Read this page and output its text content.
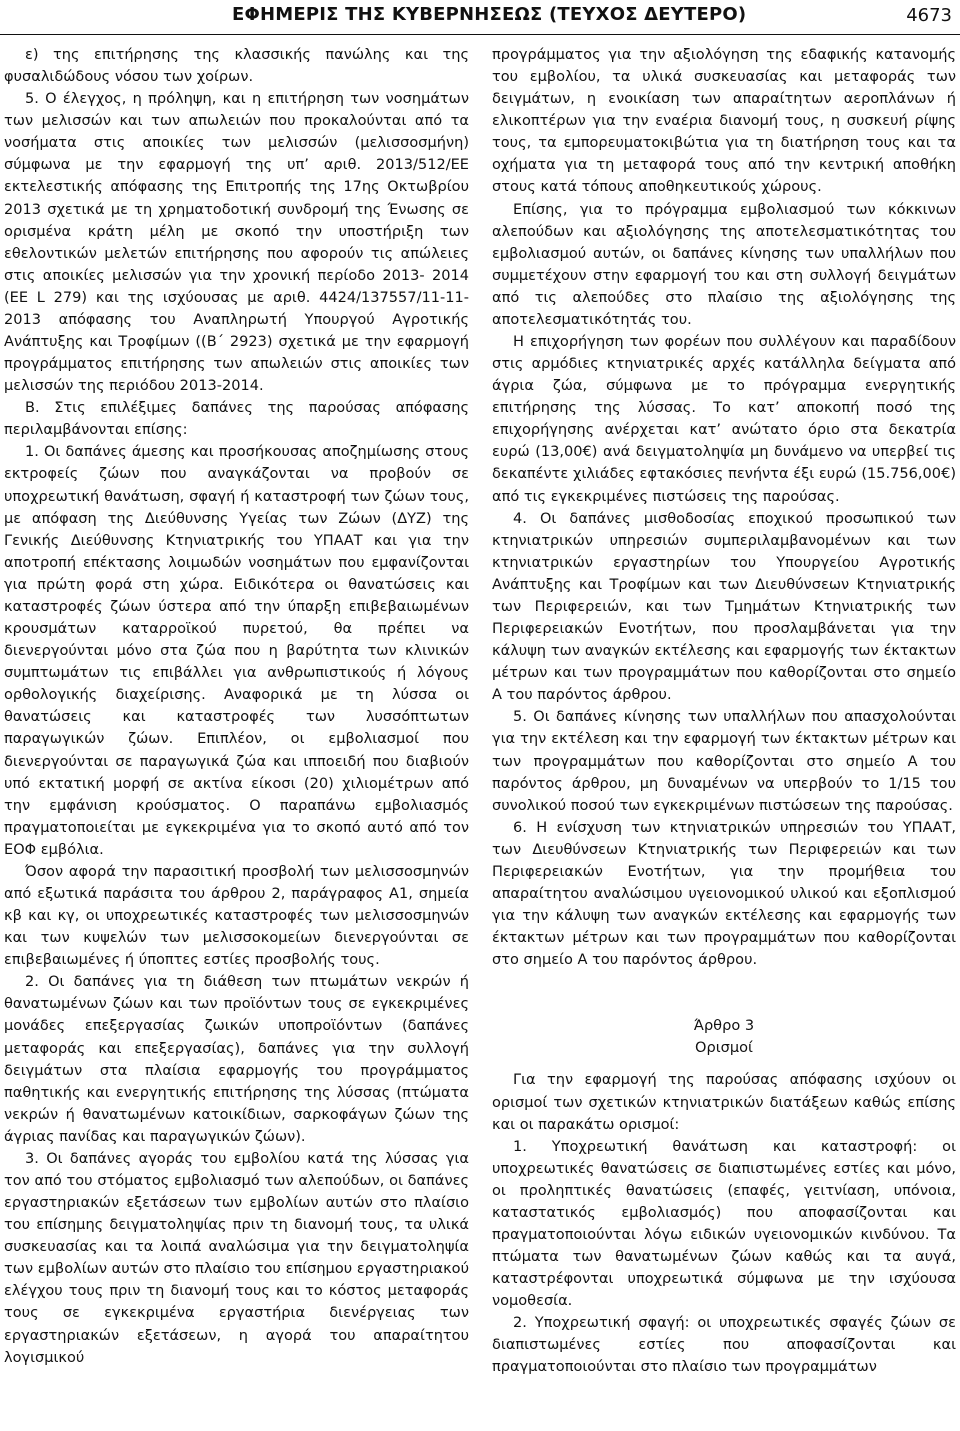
ΕΦΗΜΕΡΙΣ ΤΗΣ ΚΥΒΕΡΝΗΣΕΩΣ (ΤΕΥΧΟΣ ΔΕΥΤΕΡΟ)	4673

ε) της επιτήρησης της κλασσικής πανώλης και της φυσαλιδώδους νόσου των χοίρων.

5. Ο έλεγχος, η πρόληψη, και η επιτήρηση των νοσημάτων των μελισσών και των απωλειών που προκαλούνται από τα νοσήματα στις αποικίες των μελισσών (μελισσοσμήνη) σύμφωνα με την εφαρμογή της υπ’ αριθ. 2013/512/ΕΕ εκτελεστικής απόφασης της Επιτροπής της 17ης Οκτωβρίου 2013 σχετικά με τη χρηματοδοτική συνδρομή της Ένωσης σε ορισμένα κράτη μέλη με σκοπό την υποστήριξη των εθελοντικών μελετών επιτήρησης που αφορούν τις απώλειες στις αποικίες μελισσών για την χρονική περίοδο 2013- 2014 (ΕΕ L 279) και της ισχύουσας με αριθ. 4424/137557/11-11-2013 απόφασης του Αναπληρωτή Υπουργού Αγροτικής Ανάπτυξης και Τροφίμων ((Β΄ 2923) σχετικά με την εφαρμογή προγράμματος επιτήρησης των απωλειών στις αποικίες των μελισσών της περιόδου 2013-2014.

Β. Στις επιλέξιμες δαπάνες της παρούσας απόφασης περιλαμβάνονται επίσης:

1. Οι δαπάνες άμεσης και προσήκουσας αποζημίωσης στους εκτροφείς ζώων που αναγκάζονται να προβούν σε υποχρεωτική θανάτωση, σφαγή ή καταστροφή των ζώων τους, με απόφαση της Διεύθυνσης Υγείας των Ζώων (ΔΥΖ) της Γενικής Διεύθυνσης Κτηνιατρικής του ΥΠΑΑΤ και για την αποτροπή επέκτασης λοιμωδών νοσημάτων που εμφανίζονται για πρώτη φορά στη χώρα. Ειδικότερα οι θανατώσεις και καταστροφές ζώων ύστερα από την ύπαρξη επιβεβαιωμένων κρουσμάτων καταρροϊκού πυρετού, θα πρέπει να διενεργούνται μόνο στα ζώα που η βαρύτητα των κλινικών συμπτωμάτων τις επιβάλλει για ανθρωπιστικούς ή λόγους ορθολογικής διαχείρισης. Αναφορικά με τη λύσσα οι θανατώσεις και καταστροφές των λυσσόπτωτων παραγωγικών ζώων. Επιπλέον, οι εμβολιασμοί που διενεργούνται σε παραγωγικά ζώα και ιπποειδή που διαβιούν υπό εκτατική μορφή σε ακτίνα είκοσι (20) χιλιομέτρων από την εμφάνιση κρούσματος. Ο παραπάνω εμβολιασμός πραγματοποιείται με εγκεκριμένα για το σκοπό αυτό από τον ΕΟΦ εμβόλια.

Όσον αφορά την παρασιτική προσβολή των μελισσοσμηνών από εξωτικά παράσιτα του άρθρου 2, παράγραφος Α1, σημεία κβ και κγ, οι υποχρεωτικές καταστροφές των μελισσοσμηνών και των κυψελών των μελισσοκομείων διενεργούνται σε επιβεβαιωμένες ή ύποπτες εστίες προσβολής τους.

2. Οι δαπάνες για τη διάθεση των πτωμάτων νεκρών ή θανατωμένων ζώων και των προϊόντων τους σε εγκεκριμένες μονάδες επεξεργασίας ζωικών υποπροϊόντων (δαπάνες μεταφοράς και επεξεργασίας), δαπάνες για την συλλογή δειγμάτων στα πλαίσια εφαρμογής του προγράμματος παθητικής και ενεργητικής επιτήρησης της λύσσας (πτώματα νεκρών ή θανατωμένων κατοικίδιων, σαρκοφάγων ζώων της άγριας πανίδας και παραγωγικών ζώων).

3. Οι δαπάνες αγοράς του εμβολίου κατά της λύσσας για τον από του στόματος εμβολιασμό των αλεπούδων, οι δαπάνες εργαστηριακών εξετάσεων των εμβολίων αυτών στο πλαίσιο του επίσημης δειγματοληψίας πριν τη διανομή τους, τα υλικά συσκευασίας και τα λοιπά αναλώσιμα για την δειγματοληψία των εμβολίων αυτών στο πλαίσιο του επίσημου εργαστηριακού ελέγχου τους πριν τη διανομή τους και το κόστος μεταφοράς τους σε εγκεκριμένα εργαστήρια διενέργειας των εργαστηριακών εξετάσεων, η αγορά του απαραίτητου λογισμικού

προγράμματος για την αξιολόγηση της εδαφικής κατανομής του εμβολίου, τα υλικά συσκευασίας και μεταφοράς των δειγμάτων, η ενοικίαση των απαραίτητων αεροπλάνων ή ελικοπτέρων για την εναέρια διανομή τους, η συσκευή ρίψης τους, τα εμπορευματοκιβώτια για τη διατήρηση τους και τα οχήματα για τη μεταφορά τους από την κεντρική αποθήκη στους κατά τόπους αποθηκευτικούς χώρους.

Επίσης, για το πρόγραμμα εμβολιασμού των κόκκινων αλεπούδων και αξιολόγησης της αποτελεσματικότητας του εμβολιασμού αυτών, οι δαπάνες κίνησης των υπαλλήλων που συμμετέχουν στην εφαρμογή του και στη συλλογή δειγμάτων από τις αλεπούδες στο πλαίσιο της αξιολόγησης της αποτελεσματικότητάς του.

Η επιχορήγηση των φορέων που συλλέγουν και παραδίδουν στις αρμόδιες κτηνιατρικές αρχές κατάλληλα δείγματα από άγρια ζώα, σύμφωνα με το πρόγραμμα ενεργητικής επιτήρησης της λύσσας. Το κατ’ αποκοπή ποσό της επιχορήγησης ανέρχεται κατ’ ανώτατο όριο στα δεκατρία ευρώ (13,00€) ανά δειγματοληψία μη δυνάμενο να υπερβεί τις δεκαπέντε χιλιάδες εφτακόσιες πενήντα έξι ευρώ (15.756,00€) από τις εγκεκριμένες πιστώσεις της παρούσας.

4. Οι δαπάνες μισθοδοσίας εποχικού προσωπικού των κτηνιατρικών υπηρεσιών συμπεριλαμβανομένων και των κτηνιατρικών εργαστηρίων του Υπουργείου Αγροτικής Ανάπτυξης και Τροφίμων και των Διευθύνσεων Κτηνιατρικής των Περιφερειών, και των Τμημάτων Κτηνιατρικής των Περιφερειακών Ενοτήτων, που προσλαμβάνεται για την κάλυψη των αναγκών εκτέλεσης και εφαρμογής των έκτακτων μέτρων και των προγραμμάτων που καθορίζονται στο σημείο Α του παρόντος άρθρου.

5. Οι δαπάνες κίνησης των υπαλλήλων που απασχολούνται για την εκτέλεση και την εφαρμογή των έκτακτων μέτρων και των προγραμμάτων που καθορίζονται στο σημείο Α του παρόντος άρθρου, μη δυναμένων να υπερβούν το 1/15 του συνολικού ποσού των εγκεκριμένων πιστώσεων της παρούσας.

6. Η ενίσχυση των κτηνιατρικών υπηρεσιών του ΥΠΑΑΤ, των Διευθύνσεων Κτηνιατρικής των Περιφερειών και των Περιφερειακών Ενοτήτων, για την προμήθεια του απαραίτητου αναλώσιμου υγειονομικού υλικού και εξοπλισμού για την κάλυψη των αναγκών εκτέλεσης και εφαρμογής των έκτακτων μέτρων και των προγραμμάτων που καθορίζονται στο σημείο Α του παρόντος άρθρου.

Άρθρο 3

Ορισμοί

Για την εφαρμογή της παρούσας απόφασης ισχύουν οι ορισμοί των σχετικών κτηνιατρικών διατάξεων καθώς επίσης και οι παρακάτω ορισμοί:

1. Υποχρεωτική θανάτωση και καταστροφή: οι υποχρεωτικές θανατώσεις σε διαπιστωμένες εστίες και μόνο, οι προληπτικές θανατώσεις (επαφές, γειτνίαση, υπόνοια, καταστατικός εμβολιασμός) που αποφασίζονται και πραγματοποιούνται λόγω ειδικών υγειονομικών κινδύνου. Τα πτώματα των θανατωμένων ζώων καθώς και τα αυγά, καταστρέφονται υποχρεωτικά σύμφωνα με την ισχύουσα νομοθεσία.

2. Υποχρεωτική σφαγή: οι υποχρεωτικές σφαγές ζώων σε διαπιστωμένες εστίες που αποφασίζονται και πραγματοποιούνται στο πλαίσιο των προγραμμάτων
